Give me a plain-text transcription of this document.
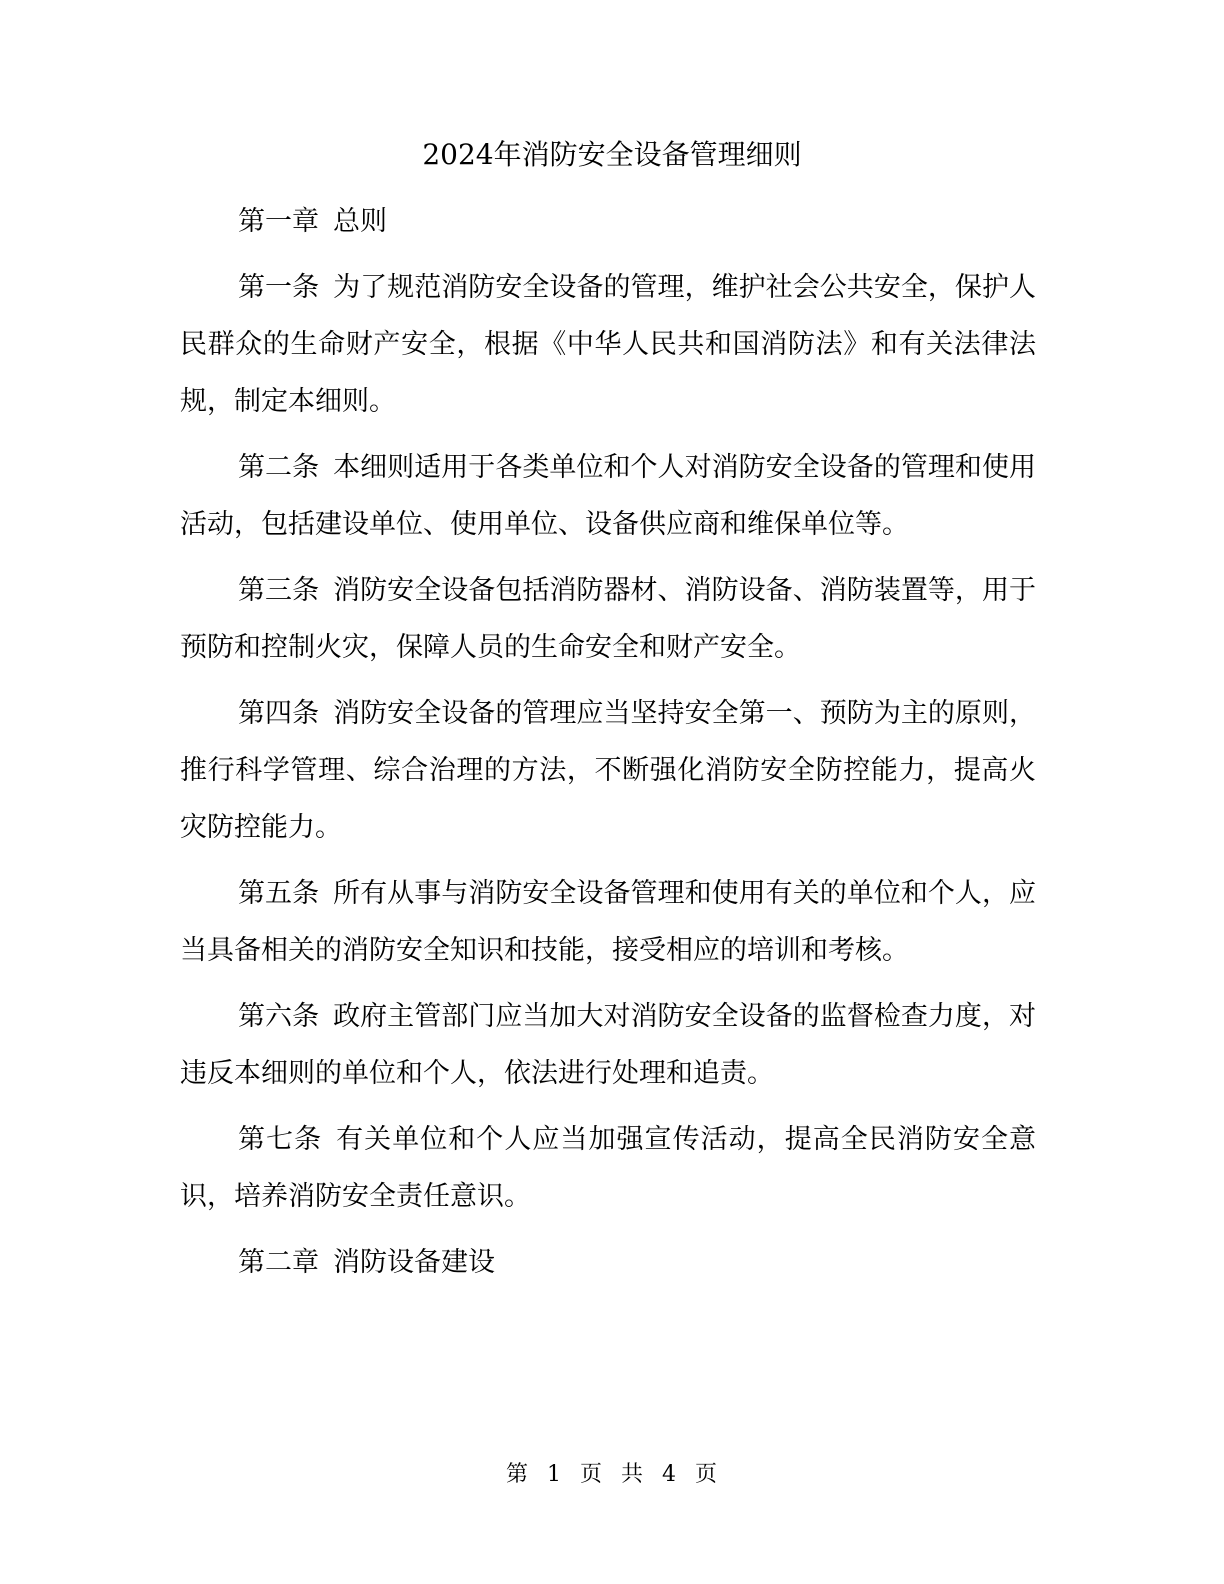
2024年消防安全设备管理细则

第一章 总则

第一条 为了规范消防安全设备的管理，维护社会公共安全，保护人民群众的生命财产安全，根据《中华人民共和国消防法》和有关法律法规，制定本细则。

第二条 本细则适用于各类单位和个人对消防安全设备的管理和使用活动，包括建设单位、使用单位、设备供应商和维保单位等。

第三条 消防安全设备包括消防器材、消防设备、消防装置等，用于预防和控制火灾，保障人员的生命安全和财产安全。

第四条 消防安全设备的管理应当坚持安全第一、预防为主的原则，推行科学管理、综合治理的方法，不断强化消防安全防控能力，提高火灾防控能力。

第五条 所有从事与消防安全设备管理和使用有关的单位和个人，应当具备相关的消防安全知识和技能，接受相应的培训和考核。

第六条 政府主管部门应当加大对消防安全设备的监督检查力度，对违反本细则的单位和个人，依法进行处理和追责。

第七条 有关单位和个人应当加强宣传活动，提高全民消防安全意识，培养消防安全责任意识。

第二章 消防设备建设

第 1 页 共 4 页
